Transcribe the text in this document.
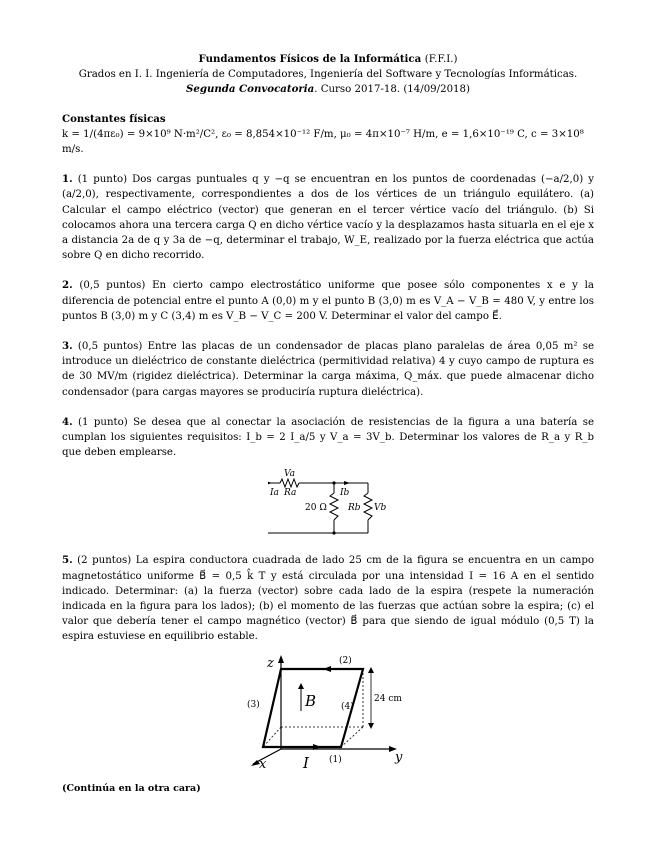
Fundamentos Físicos de la Informática (F.F.I.)
Grados en I. I. Ingeniería de Computadores, Ingeniería del Software y Tecnologías Informáticas.
Segunda Convocatoria. Curso 2017-18. (14/09/2018)
Constantes físicas
k = 1/(4πε₀) = 9×10⁹ N·m²/C², ε₀ = 8,854×10⁻¹² F/m, μ₀ = 4π×10⁻⁷ H/m, e = 1,6×10⁻¹⁹ C, c = 3×10⁸ m/s.

1. (1 punto) Dos cargas puntuales q y −q se encuentran en los puntos de coordenadas (−a/2,0) y (a/2,0), respectivamente, correspondientes a dos de los vértices de un triángulo equilátero. (a) Calcular el campo eléctrico (vector) que generan en el tercer vértice vacío del triángulo. (b) Si colocamos ahora una tercera carga Q en dicho vértice vacío y la desplazamos hasta situarla en el eje x a distancia 2a de q y 3a de −q, determinar el trabajo, W_E, realizado por la fuerza eléctrica que actúa sobre Q en dicho recorrido.

2. (0,5 puntos) En cierto campo electrostático uniforme que posee sólo componentes x e y la diferencia de potencial entre el punto A (0,0) m y el punto B (3,0) m es V_A − V_B = 480 V, y entre los puntos B (3,0) m y C (3,4) m es V_B − V_C = 200 V. Determinar el valor del campo E⃗.

3. (0,5 puntos) Entre las placas de un condensador de placas plano paralelas de área 0,05 m² se introduce un dieléctrico de constante dieléctrica (permitividad relativa) 4 y cuyo campo de ruptura es de 30 MV/m (rigidez dieléctrica). Determinar la carga máxima, Q_máx. que puede almacenar dicho condensador (para cargas mayores se produciría ruptura dieléctrica).

4. (1 punto) Se desea que al conectar la asociación de resistencias de la figura a una batería se cumplan los siguientes requisitos: I_b = 2 I_a/5 y V_a = 3V_b. Determinar los valores de R_a y R_b que deben emplearse.

Va
Ia Ra	Ib
20 Ω Rb Vb

5. (2 puntos) La espira conductora cuadrada de lado 25 cm de la figura se encuentra en un campo magnetostático uniforme B⃗ = 0,5 k̂ T y está circulada por una intensidad I = 16 A en el sentido indicado. Determinar: (a) la fuerza (vector) sobre cada lado de la espira (respete la numeración indicada en la figura para los lados); (b) el momento de las fuerzas que actúan sobre la espira; (c) el valor que debería tener el campo magnético (vector) B⃗ para que siendo de igual módulo (0,5 T) la espira estuviese en equilibrio estable.

z
y
x
B
I (1)
(2)
(3)	(4)
24 cm
(Continúa en la otra cara)
